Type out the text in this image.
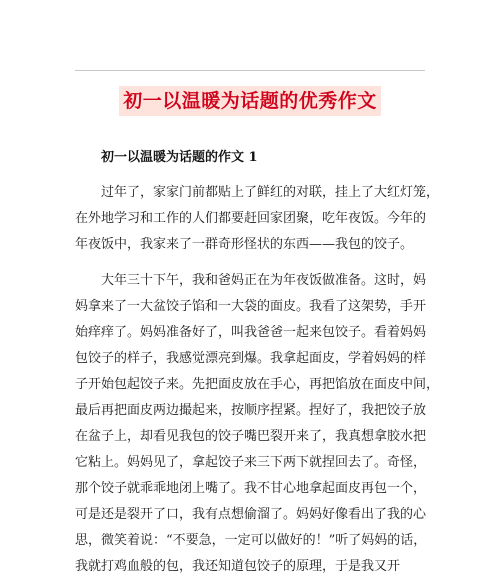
初一以温暖为话题的优秀作文
初一以温暖为话题的作文 1
过年了，家家门前都贴上了鲜红的对联，挂上了大红灯笼，
在外地学习和工作的人们都要赶回家团聚，吃年夜饭。今年的
年夜饭中，我家来了一群奇形怪状的东西——我包的饺子。
大年三十下午，我和爸妈正在为年夜饭做准备。这时，妈
妈拿来了一大盆饺子馅和一大袋的面皮。我看了这架势，手开
始痒痒了。妈妈准备好了，叫我爸爸一起来包饺子。看着妈妈
包饺子的样子，我感觉漂亮到爆。我拿起面皮，学着妈妈的样
子开始包起饺子来。先把面皮放在手心，再把馅放在面皮中间，
最后再把面皮两边撮起来，按顺序捏紧。捏好了，我把饺子放
在盆子上，却看见我包的饺子嘴巴裂开来了，我真想拿胶水把
它粘上。妈妈见了，拿起饺子来三下两下就捏回去了。奇怪，
那个饺子就乖乖地闭上嘴了。我不甘心地拿起面皮再包一个，
可是还是裂开了口，我有点想偷溜了。妈妈好像看出了我的心
思，微笑着说：“不要急，一定可以做好的！”听了妈妈的话，
我就打鸡血般的包，我还知道包饺子的原理，于是我又开
